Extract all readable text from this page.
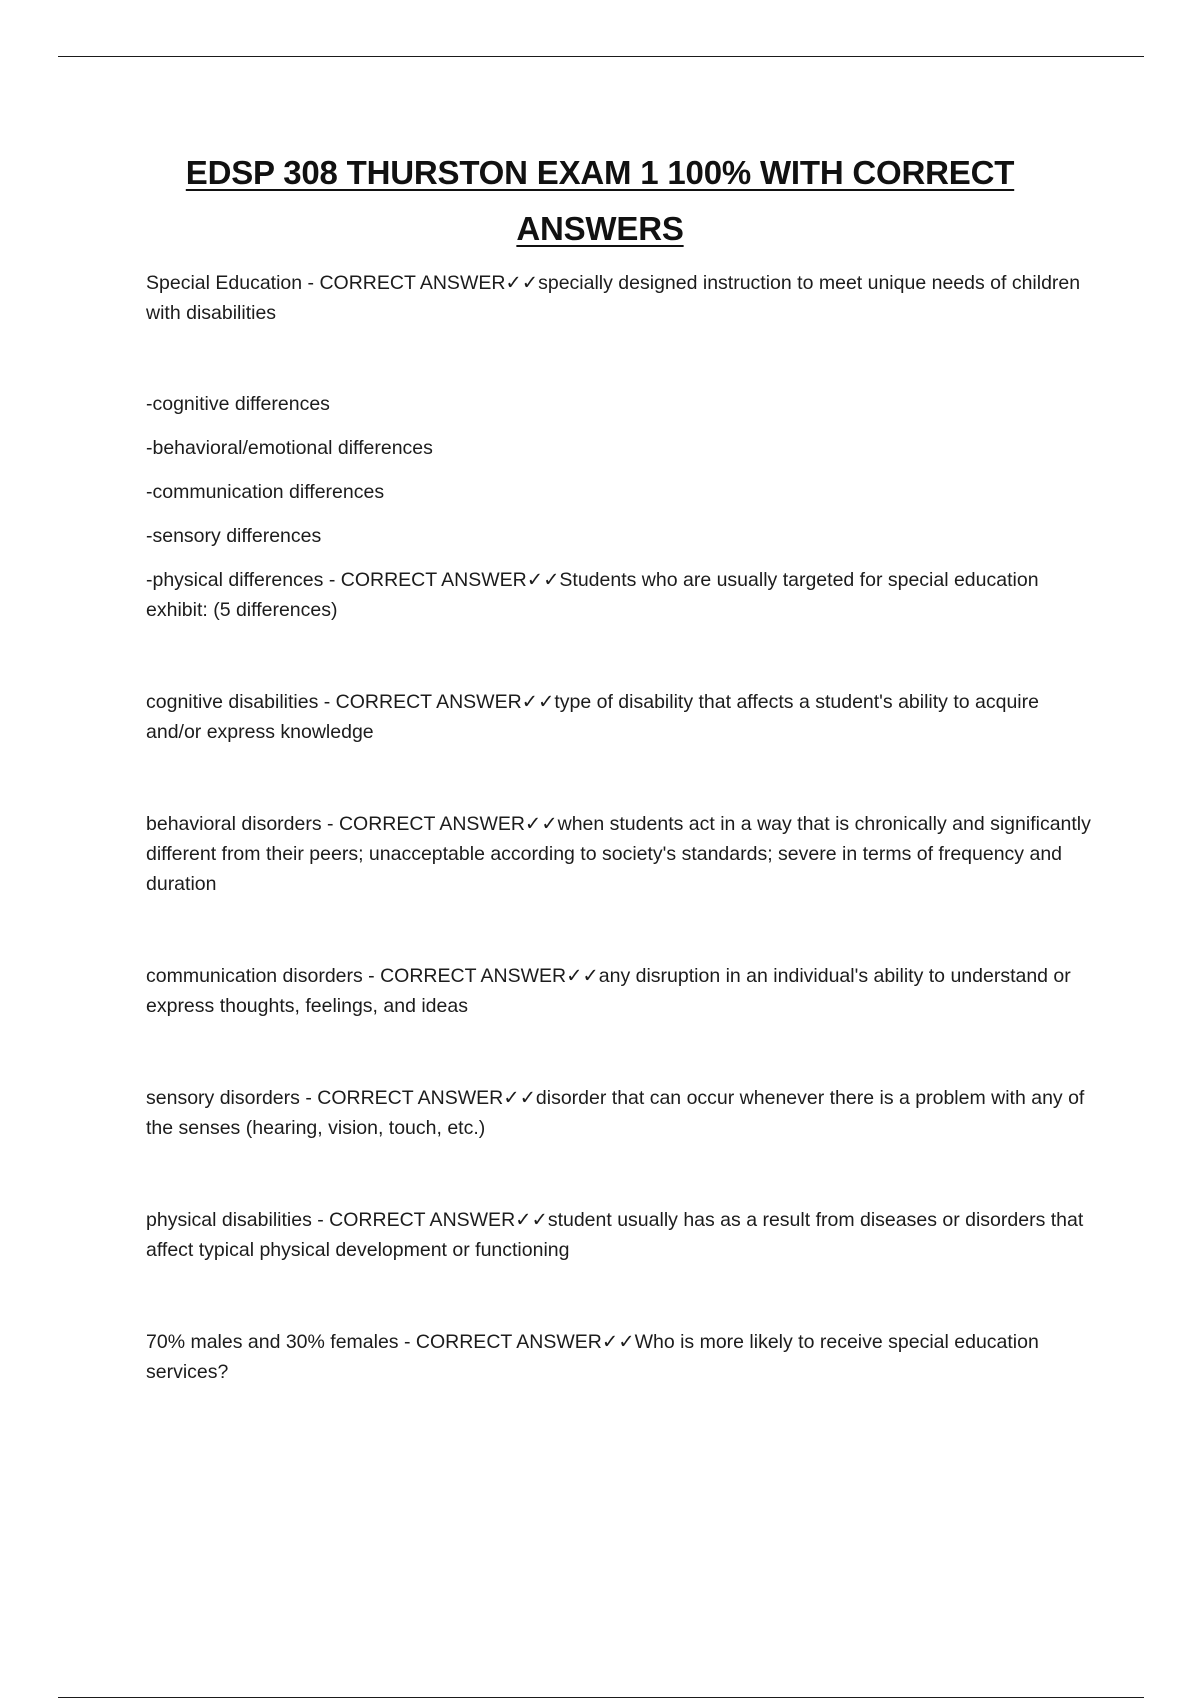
EDSP 308 THURSTON EXAM 1 100% WITH CORRECT
ANSWERS

Special Education - CORRECT ANSWER✓✓specially designed instruction to meet unique needs of children with disabilities

-cognitive differences

-behavioral/emotional differences

-communication differences

-sensory differences

-physical differences - CORRECT ANSWER✓✓Students who are usually targeted for special education exhibit: (5 differences)

cognitive disabilities - CORRECT ANSWER✓✓type of disability that affects a student's ability to acquire and/or express knowledge

behavioral disorders - CORRECT ANSWER✓✓when students act in a way that is chronically and significantly different from their peers; unacceptable according to society's standards; severe in terms of frequency and duration

communication disorders - CORRECT ANSWER✓✓any disruption in an individual's ability to understand or express thoughts, feelings, and ideas

sensory disorders - CORRECT ANSWER✓✓disorder that can occur whenever there is a problem with any of the senses (hearing, vision, touch, etc.)

physical disabilities - CORRECT ANSWER✓✓student usually has as a result from diseases or disorders that affect typical physical development or functioning

70% males and 30% females - CORRECT ANSWER✓✓Who is more likely to receive special education services?
